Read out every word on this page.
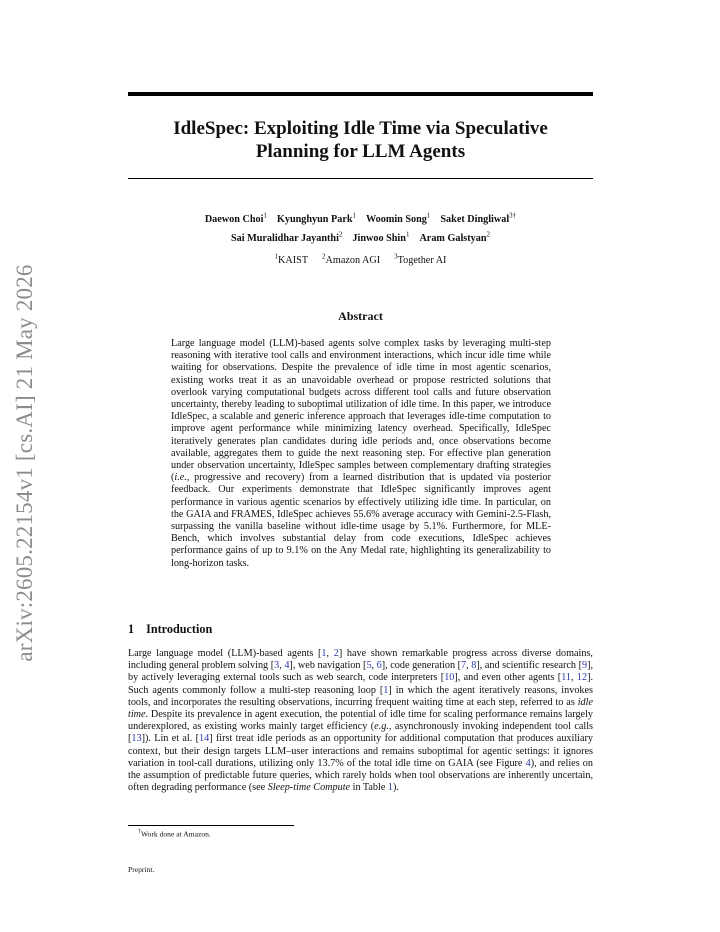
arXiv:2605.22154v1 [cs.AI] 21 May 2026
IdleSpec: Exploiting Idle Time via Speculative
Planning for LLM Agents
Daewon Choi$^1$ Kyunghyun Park$^1$ Woomin Song$^1$ Saket Dingliwal$^{3\dagger}$
Sai Muralidhar Jayanthi$^2$ Jinwoo Shin$^1$ Aram Galstyan$^2$
$^1$KAIST $^2$Amazon AGI $^3$Together AI
Abstract

Large language model (LLM)-based agents solve complex tasks by leveraging multi-step reasoning with iterative tool calls and environment interactions, which incur idle time while waiting for observations. Despite the prevalence of idle time in most agentic scenarios, existing works treat it as an unavoidable overhead or propose restricted solutions that overlook varying computational budgets across different tool calls and future observation uncertainty, thereby leading to suboptimal utilization of idle time. In this paper, we introduce IdleSpec, a scalable and generic inference approach that leverages idle-time computation to improve agent performance while minimizing latency overhead. Specifically, IdleSpec iteratively generates plan candidates during idle periods and, once observations become available, aggregates them to guide the next reasoning step. For effective plan generation under observation uncertainty, IdleSpec samples between complementary drafting strategies (i.e., progressive and recovery) from a learned distribution that is updated via posterior feedback. Our experiments demonstrate that IdleSpec significantly improves agent performance in various agentic scenarios by effectively utilizing idle time. In particular, on the GAIA and FRAMES, IdleSpec achieves 55.6% average accuracy with Gemini-2.5-Flash, surpassing the vanilla baseline without idle-time usage by 5.1%. Furthermore, for MLE-Bench, which involves substantial delay from code executions, IdleSpec achieves performance gains of up to 9.1% on the Any Medal rate, highlighting its generalizability to long-horizon tasks.

1 Introduction

Large language model (LLM)-based agents [1, 2] have shown remarkable progress across diverse domains, including general problem solving [3, 4], web navigation [5, 6], code generation [7, 8], and scientific research [9], by actively leveraging external tools such as web search, code interpreters [10], and even other agents [11, 12]. Such agents commonly follow a multi-step reasoning loop [1] in which the agent iteratively reasons, invokes tools, and incorporates the resulting observations, incurring frequent waiting time at each step, referred to as idle time. Despite its prevalence in agent execution, the potential of idle time for scaling performance remains largely underexplored, as existing works mainly target efficiency (e.g., asynchronously invoking independent tool calls [13]). Lin et al. [14] first treat idle periods as an opportunity for additional computation that produces auxiliary context, but their design targets LLM–user interactions and remains suboptimal for agentic settings: it ignores variation in tool-call durations, utilizing only 13.7% of the total idle time on GAIA (see Figure 4), and relies on the assumption of predictable future queries, which rarely holds when tool observations are inherently uncertain, often degrading performance (see Sleep-time Compute in Table 1).

†Work done at Amazon.

Preprint.
